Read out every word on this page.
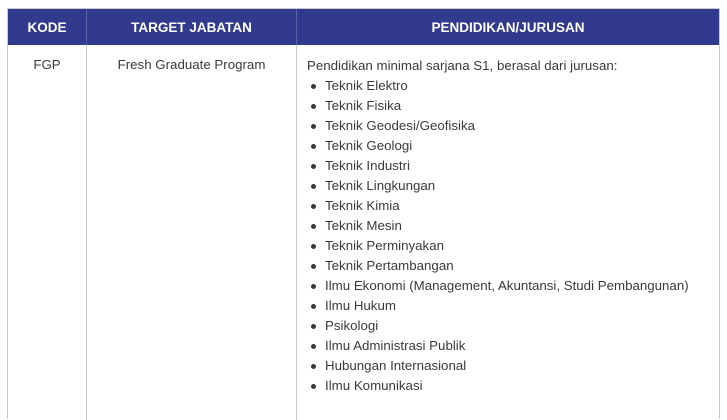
KODE	TARGET JABATAN	PENDIDIKAN/JURUSAN
FGP	Fresh Graduate Program	Pendidikan minimal sarjana S1, berasal dari jurusan:

Teknik Elektro
Teknik Fisika
Teknik Geodesi/Geofisika
Teknik Geologi
Teknik Industri
Teknik Lingkungan
Teknik Kimia
Teknik Mesin
Teknik Perminyakan
Teknik Pertambangan
Ilmu Ekonomi (Management, Akuntansi, Studi Pembangunan)
Ilmu Hukum
Psikologi
Ilmu Administrasi Publik
Hubungan Internasional
Ilmu Komunikasi
